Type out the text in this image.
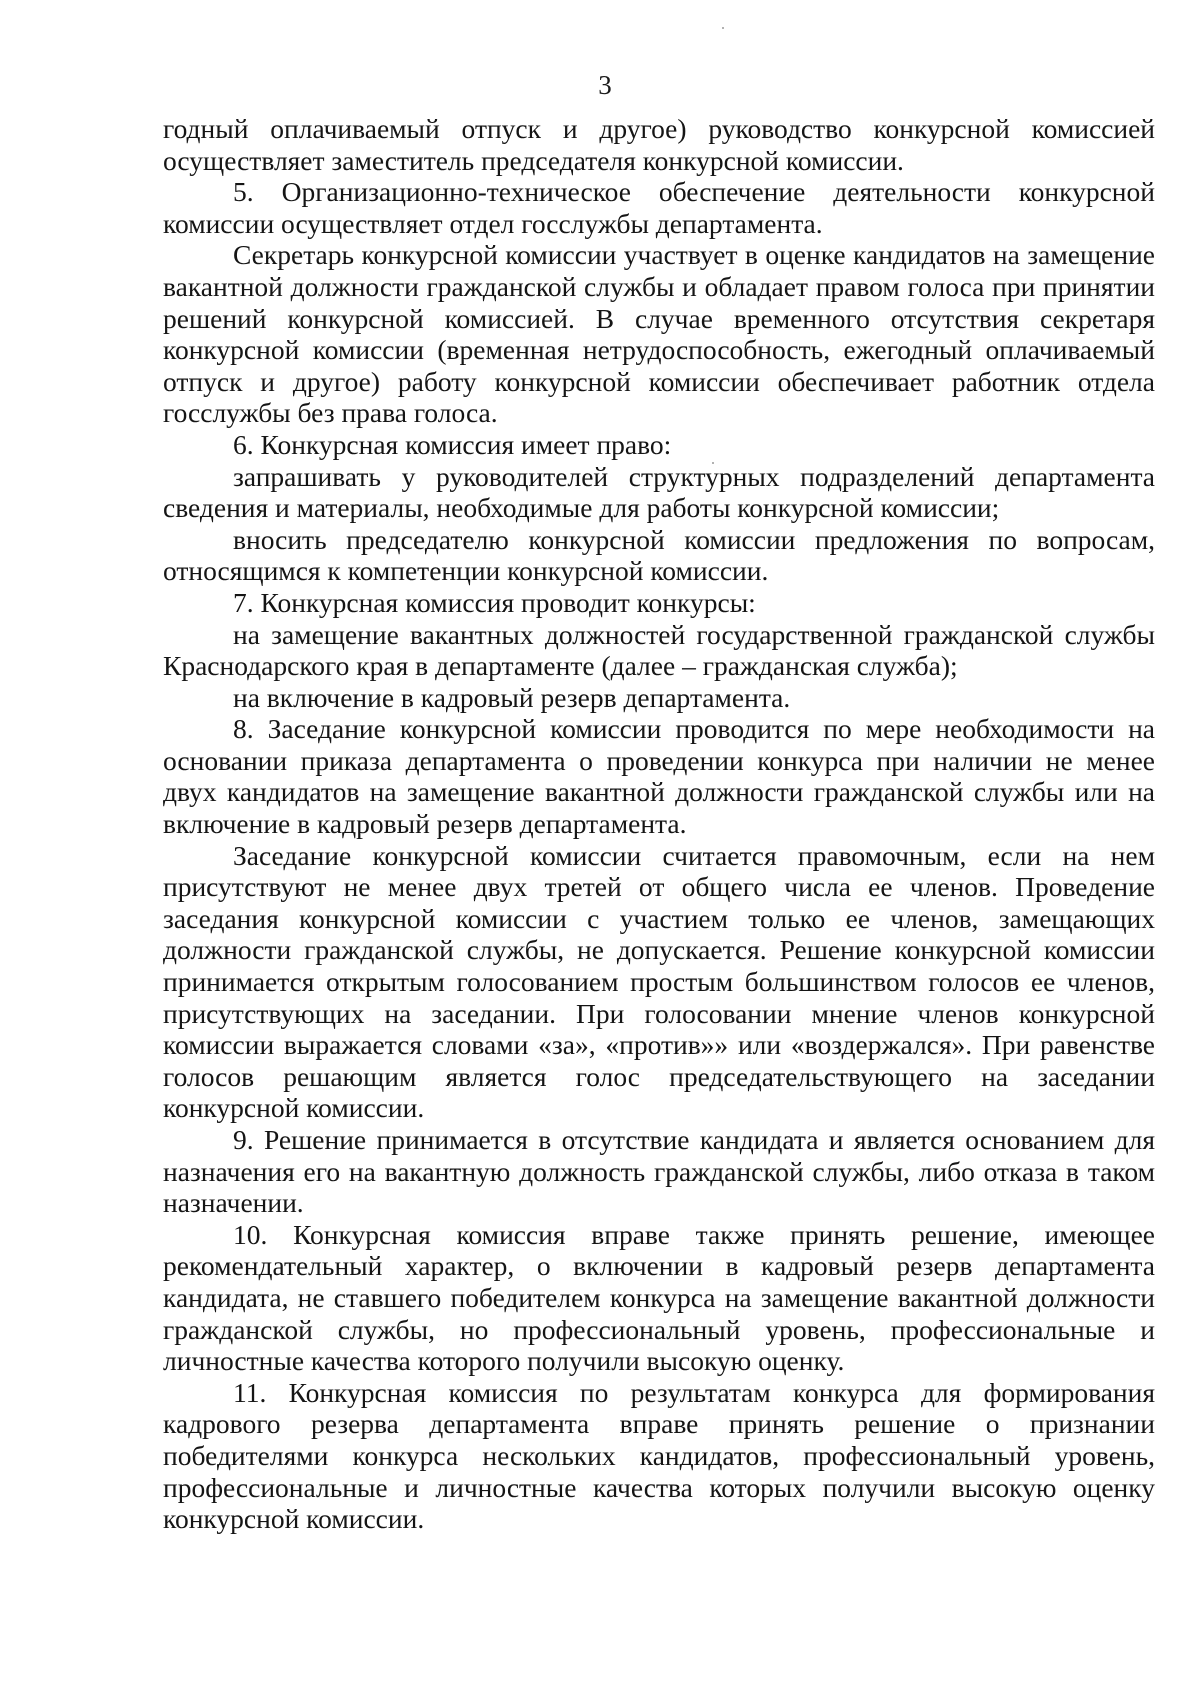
3

годный оплачиваемый отпуск и другое) руководство конкурсной комиссией осуществляет заместитель председателя конкурсной комиссии.

5. Организационно-техническое обеспечение деятельности конкурсной комиссии осуществляет отдел госслужбы департамента.

Секретарь конкурсной комиссии участвует в оценке кандидатов на замещение вакантной должности гражданской службы и обладает правом голоса при принятии решений конкурсной комиссией. В случае временного отсутствия секретаря конкурсной комиссии (временная нетрудоспособность, ежегодный оплачиваемый отпуск и другое) работу конкурсной комиссии обеспечивает работник отдела госслужбы без права голоса.

6. Конкурсная комиссия имеет право:

запрашивать у руководителей структурных подразделений департамента сведения и материалы, необходимые для работы конкурсной комиссии;

вносить председателю конкурсной комиссии предложения по вопросам, относящимся к компетенции конкурсной комиссии.

7. Конкурсная комиссия проводит конкурсы:

на замещение вакантных должностей государственной гражданской службы Краснодарского края в департаменте (далее – гражданская служба);

на включение в кадровый резерв департамента.

8. Заседание конкурсной комиссии проводится по мере необходимости на основании приказа департамента о проведении конкурса при наличии не менее двух кандидатов на замещение вакантной должности гражданской службы или на включение в кадровый резерв департамента.

Заседание конкурсной комиссии считается правомочным, если на нем присутствуют не менее двух третей от общего числа ее членов. Проведение заседания конкурсной комиссии с участием только ее членов, замещающих должности гражданской службы, не допускается. Решение конкурсной комиссии принимается открытым голосованием простым большинством голосов ее членов, присутствующих на заседании. При голосовании мнение членов конкурсной комиссии выражается словами «за», «против»» или «воздержался». При равенстве голосов решающим является голос председательствующего на заседании конкурсной комиссии.

9. Решение принимается в отсутствие кандидата и является основанием для назначения его на вакантную должность гражданской службы, либо отказа в таком назначении.

10. Конкурсная комиссия вправе также принять решение, имеющее рекомендательный характер, о включении в кадровый резерв департамента кандидата, не ставшего победителем конкурса на замещение вакантной должности гражданской службы, но профессиональный уровень, профессиональные и личностные качества которого получили высокую оценку.

11. Конкурсная комиссия по результатам конкурса для формирования кадрового резерва департамента вправе принять решение о признании победителями конкурса нескольких кандидатов, профессиональный уровень, профессиональные и личностные качества которых получили высокую оценку конкурсной комиссии.
